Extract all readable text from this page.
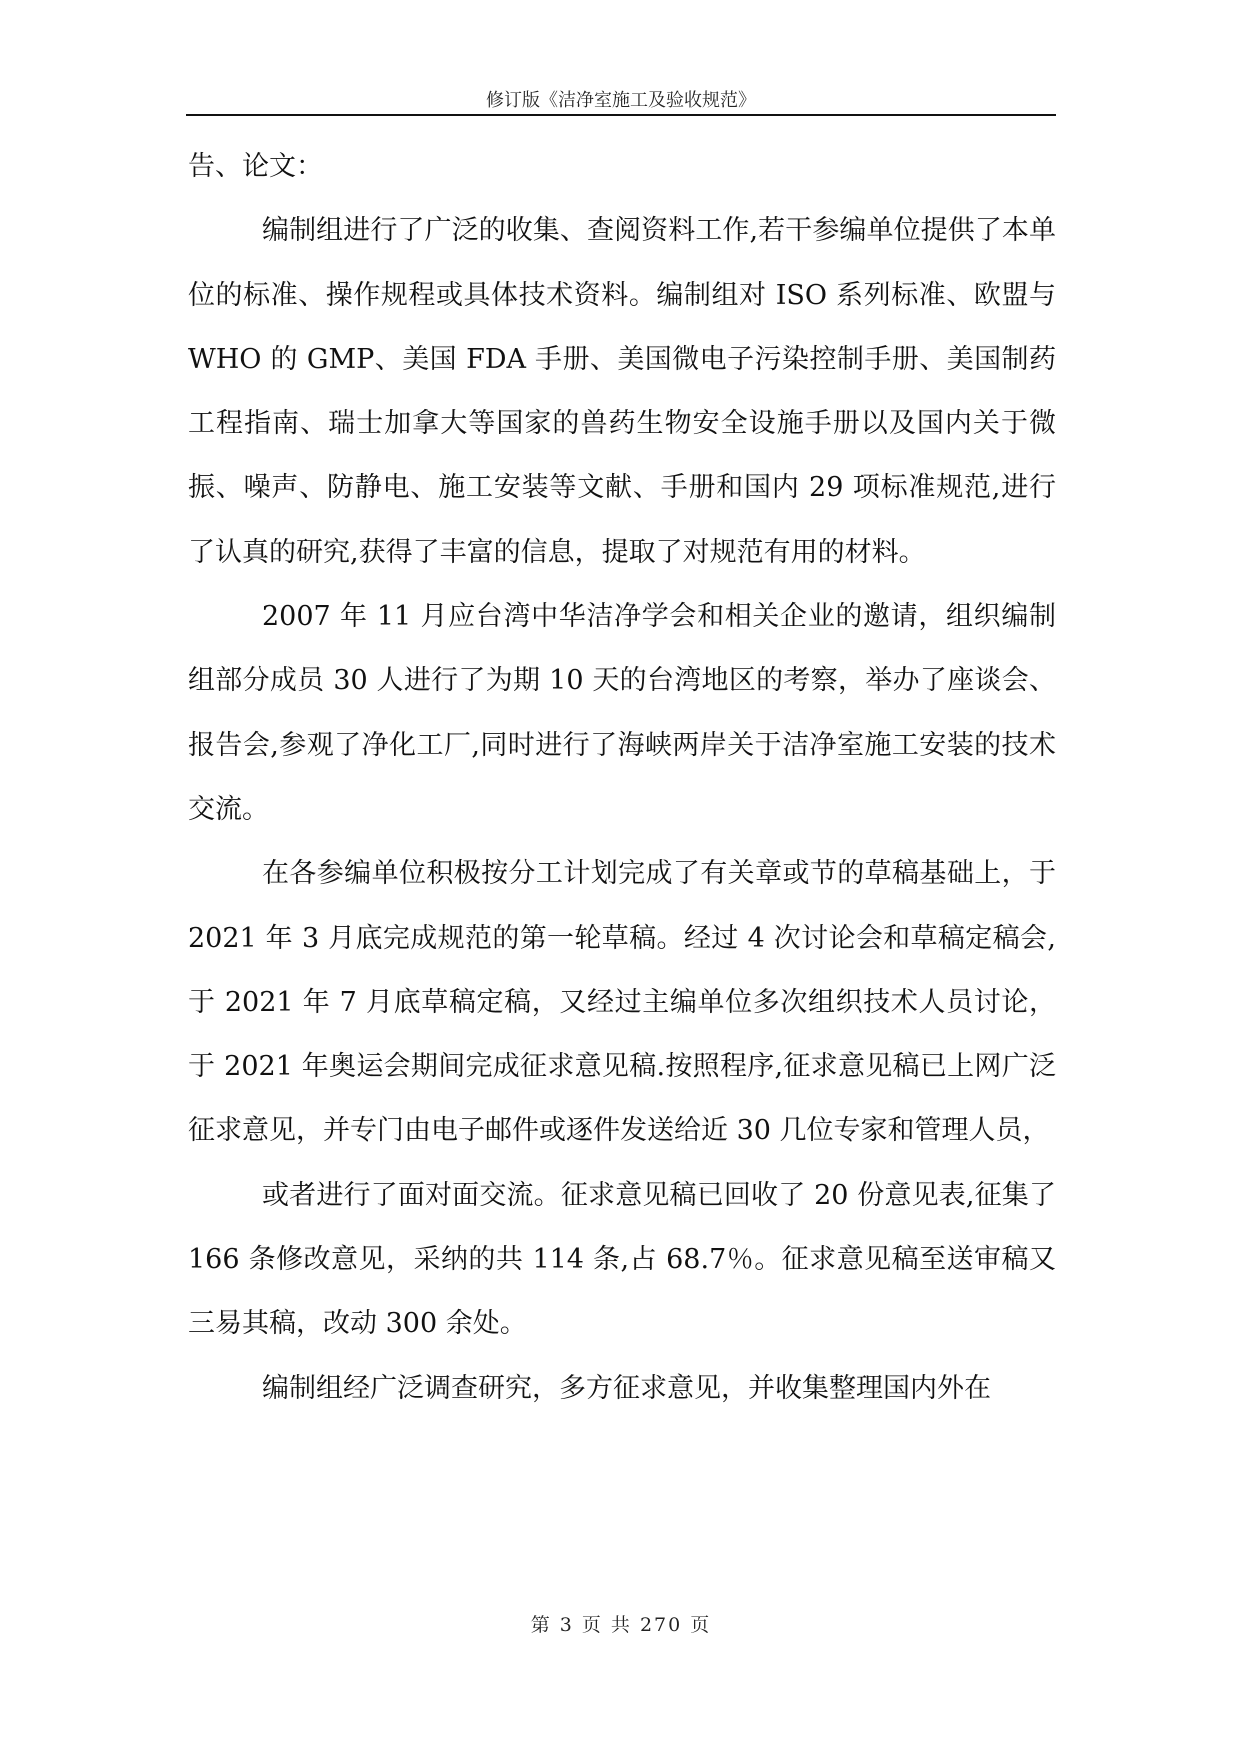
修订版《洁净室施工及验收规范》

告、论文：

编制组进行了广泛的收集、查阅资料工作,若干参编单位提供了本单位的标准、操作规程或具体技术资料。编制组对 ISO 系列标准、欧盟与 WHO 的 GMP、美国 FDA 手册、美国微电子污染控制手册、美国制药工程指南、瑞士加拿大等国家的兽药生物安全设施手册以及国内关于微振、噪声、防静电、施工安装等文献、手册和国内 29 项标准规范,进行了认真的研究,获得了丰富的信息，提取了对规范有用的材料。

2007 年 11 月应台湾中华洁净学会和相关企业的邀请，组织编制组部分成员 30 人进行了为期 10 天的台湾地区的考察，举办了座谈会、报告会,参观了净化工厂,同时进行了海峡两岸关于洁净室施工安装的技术交流。

在各参编单位积极按分工计划完成了有关章或节的草稿基础上，于 2021 年 3 月底完成规范的第一轮草稿。经过 4 次讨论会和草稿定稿会,于 2021 年 7 月底草稿定稿，又经过主编单位多次组织技术人员讨论，于 2021 年奥运会期间完成征求意见稿.按照程序,征求意见稿已上网广泛征求意见，并专门由电子邮件或逐件发送给近 30 几位专家和管理人员，

或者进行了面对面交流。征求意见稿已回收了 20 份意见表,征集了 166 条修改意见，采纳的共 114 条,占 68.7％。征求意见稿至送审稿又三易其稿，改动 300 余处。

编制组经广泛调查研究，多方征求意见，并收集整理国内外在

第 3 页 共 270 页
